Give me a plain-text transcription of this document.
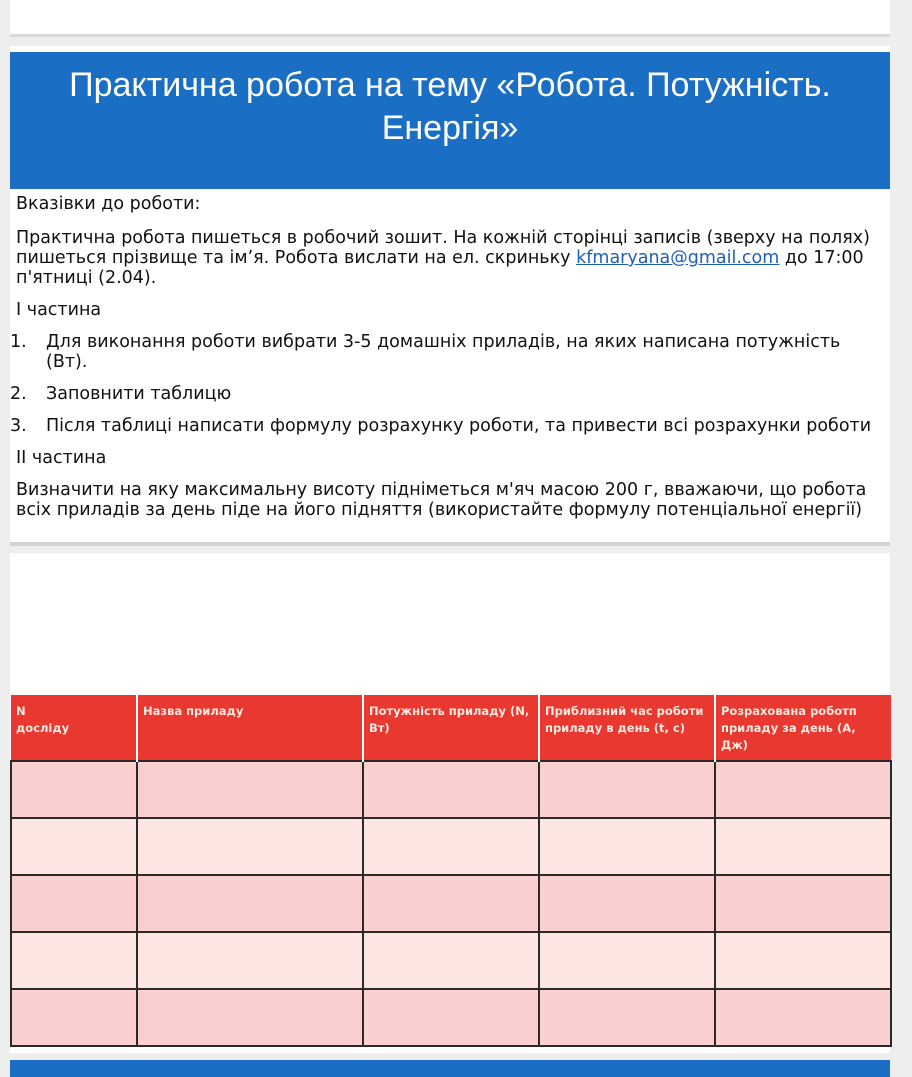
Практична робота на тему «Робота. Потужність. Енергія»
Вказівки до роботи:
Практична робота пишеться в робочий зошит. На кожній сторінці записів (зверху на полях) пишеться прізвище та ім’я. Робота вислати на ел. скриньку kfmaryana@gmail.com до 17:00 п'ятниці (2.04).
І частина
1. Для виконання роботи вибрати 3-5 домашніх приладів, на яких написана потужність (Вт).
2. Заповнити таблицю
3. Після таблиці написати формулу розрахунку роботи, та привести всі розрахунки роботи
ІІ частина
Визначити на яку максимальну висоту підніметься м'яч масою 200 г, вважаючи, що робота всіх приладів за день піде на його підняття (використайте формулу потенціальної енергії)
N
досліду	Назва приладу	Потужність приладу (N, Вт)	Приблизний час роботи приладу в день (t, c)	Розрахована роботп приладу за день (A, Дж)
